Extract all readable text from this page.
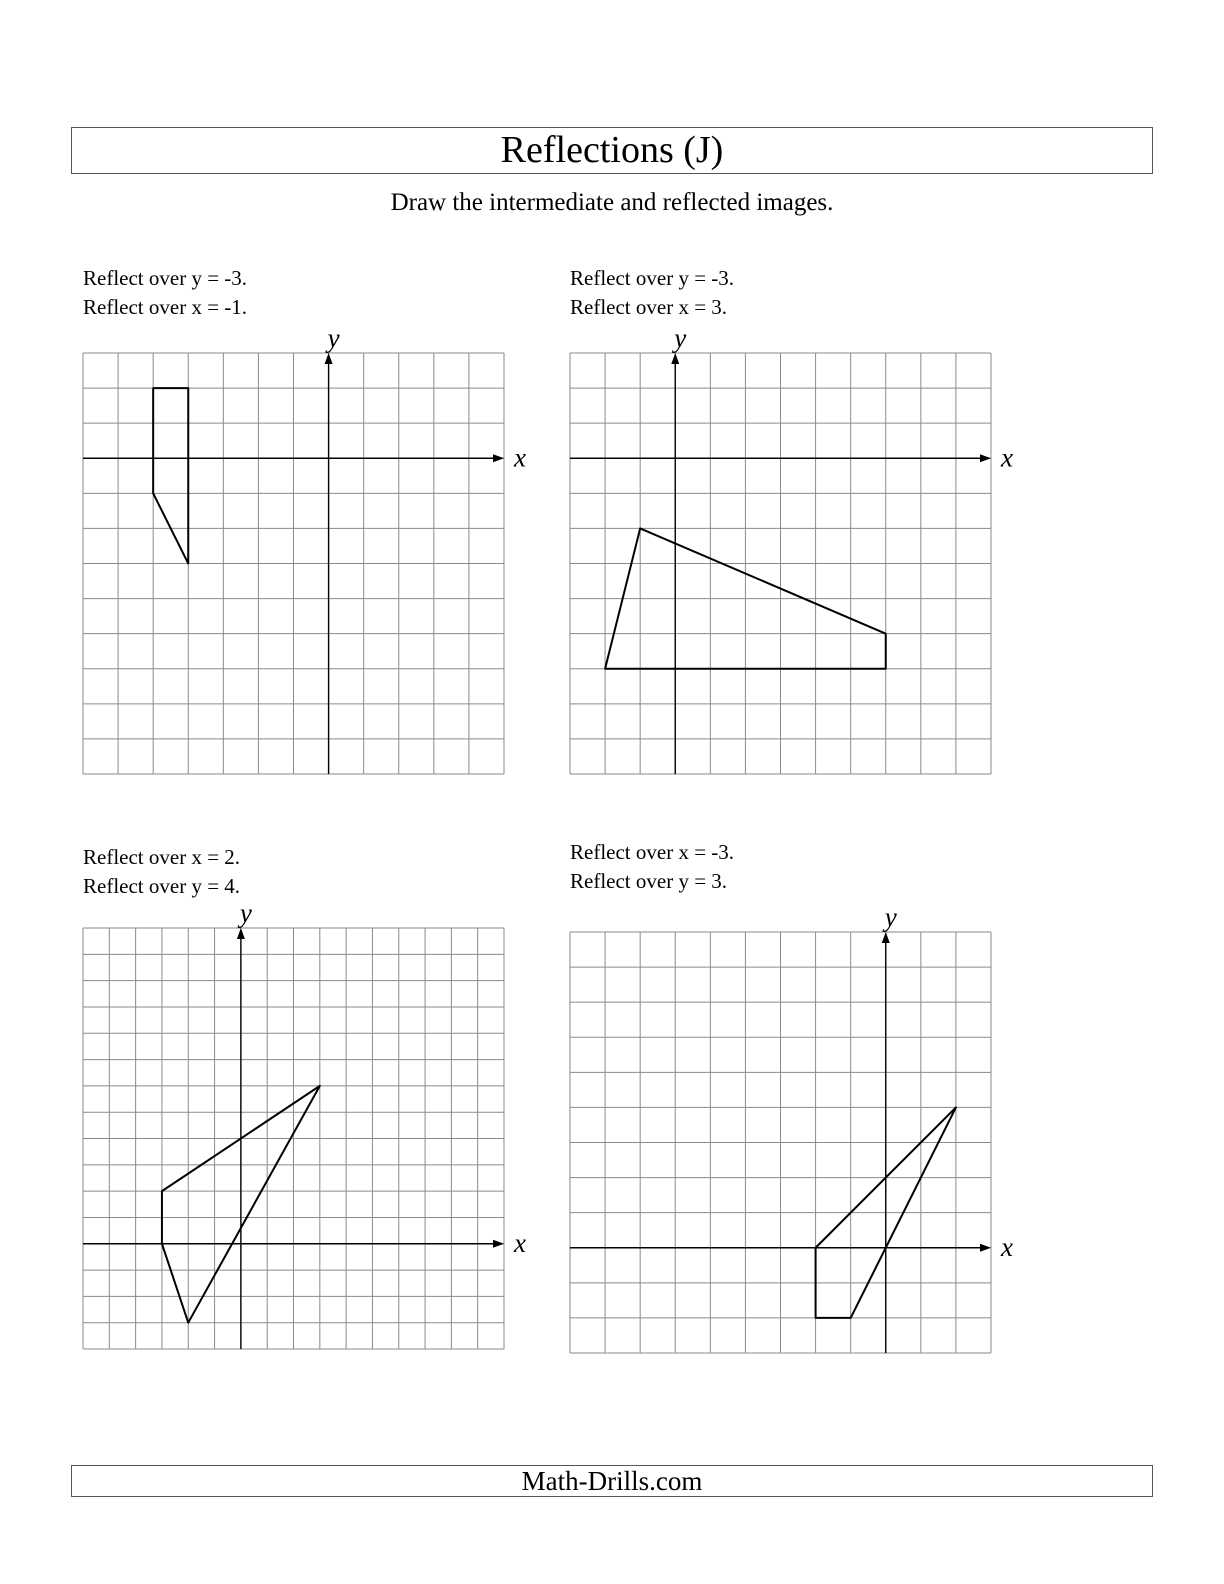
Reflections (J)
Draw the intermediate and reflected images.
Reflect over y = -3.
Reflect over x = -1.
Reflect over y = -3.
Reflect over x = 3.
Reflect over x = 2.
Reflect over y = 4.
Reflect over x = -3.
Reflect over y = 3.
x
y
x
y
x
y
x
y
Math-Drills.com
